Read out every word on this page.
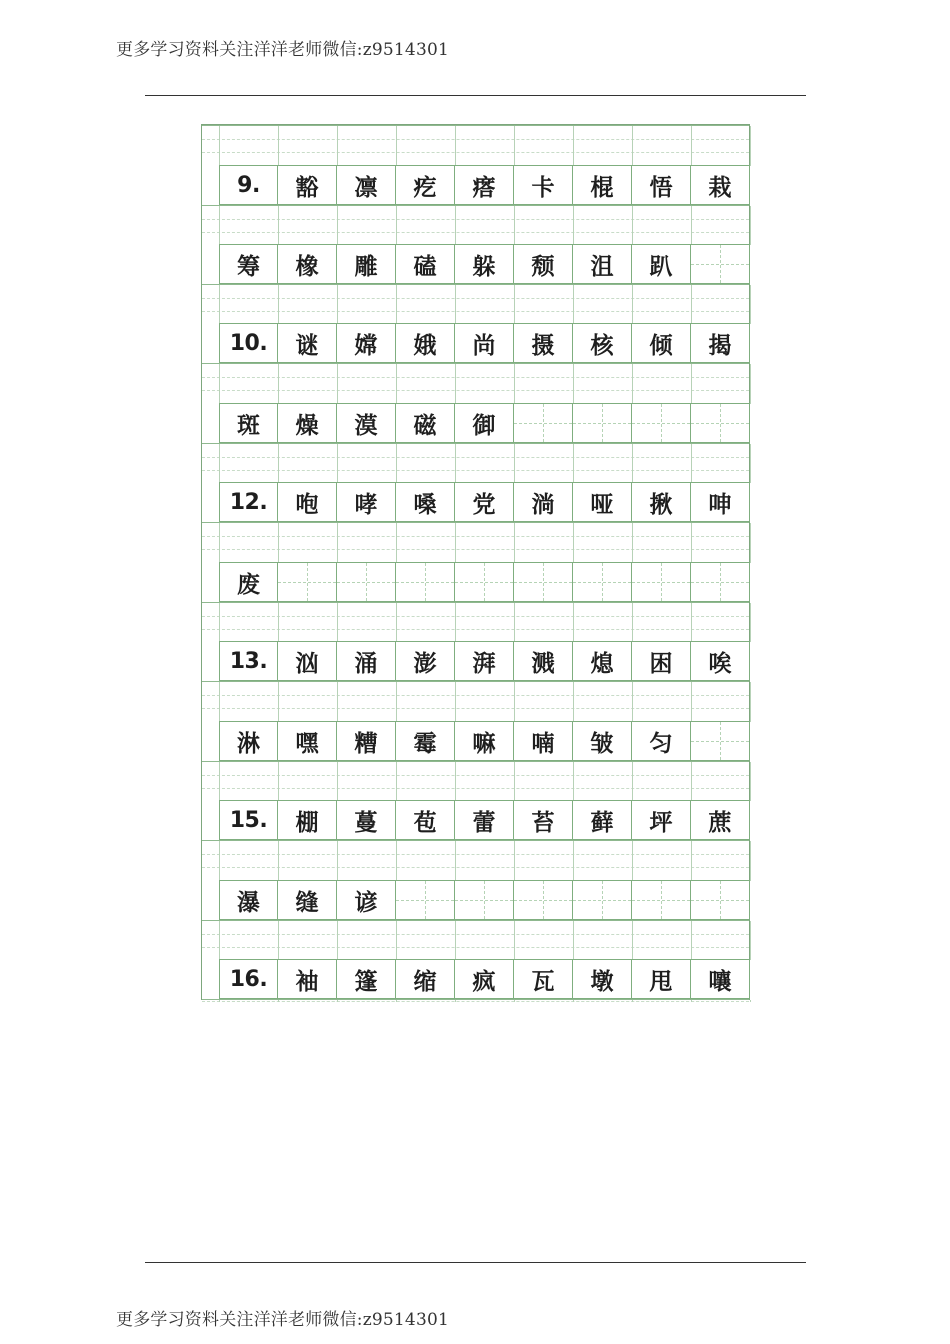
更多学习资料关注洋洋老师微信:z9514301
9. 豁 凛 疙 瘩 卡 棍 悟 栽
筹 橡 雕 磕 躲 颓 沮 趴
10. 谜 嫦 娥 尚 摄 核 倾 揭
斑 燥 漠 磁 御
12. 咆 哮 嗓 党 淌 哑 揪 呻
废
13. 汹 涌 澎 湃 溅 熄 困 唉
淋 嘿 糟 霉 嘛 喃 皱 匀
15. 棚 蔓 苞 蕾 苔 藓 坪 蔗
瀑 缝 谚
16. 袖 篷 缩 疯 瓦 墩 甩 嚷
更多学习资料关注洋洋老师微信:z9514301
